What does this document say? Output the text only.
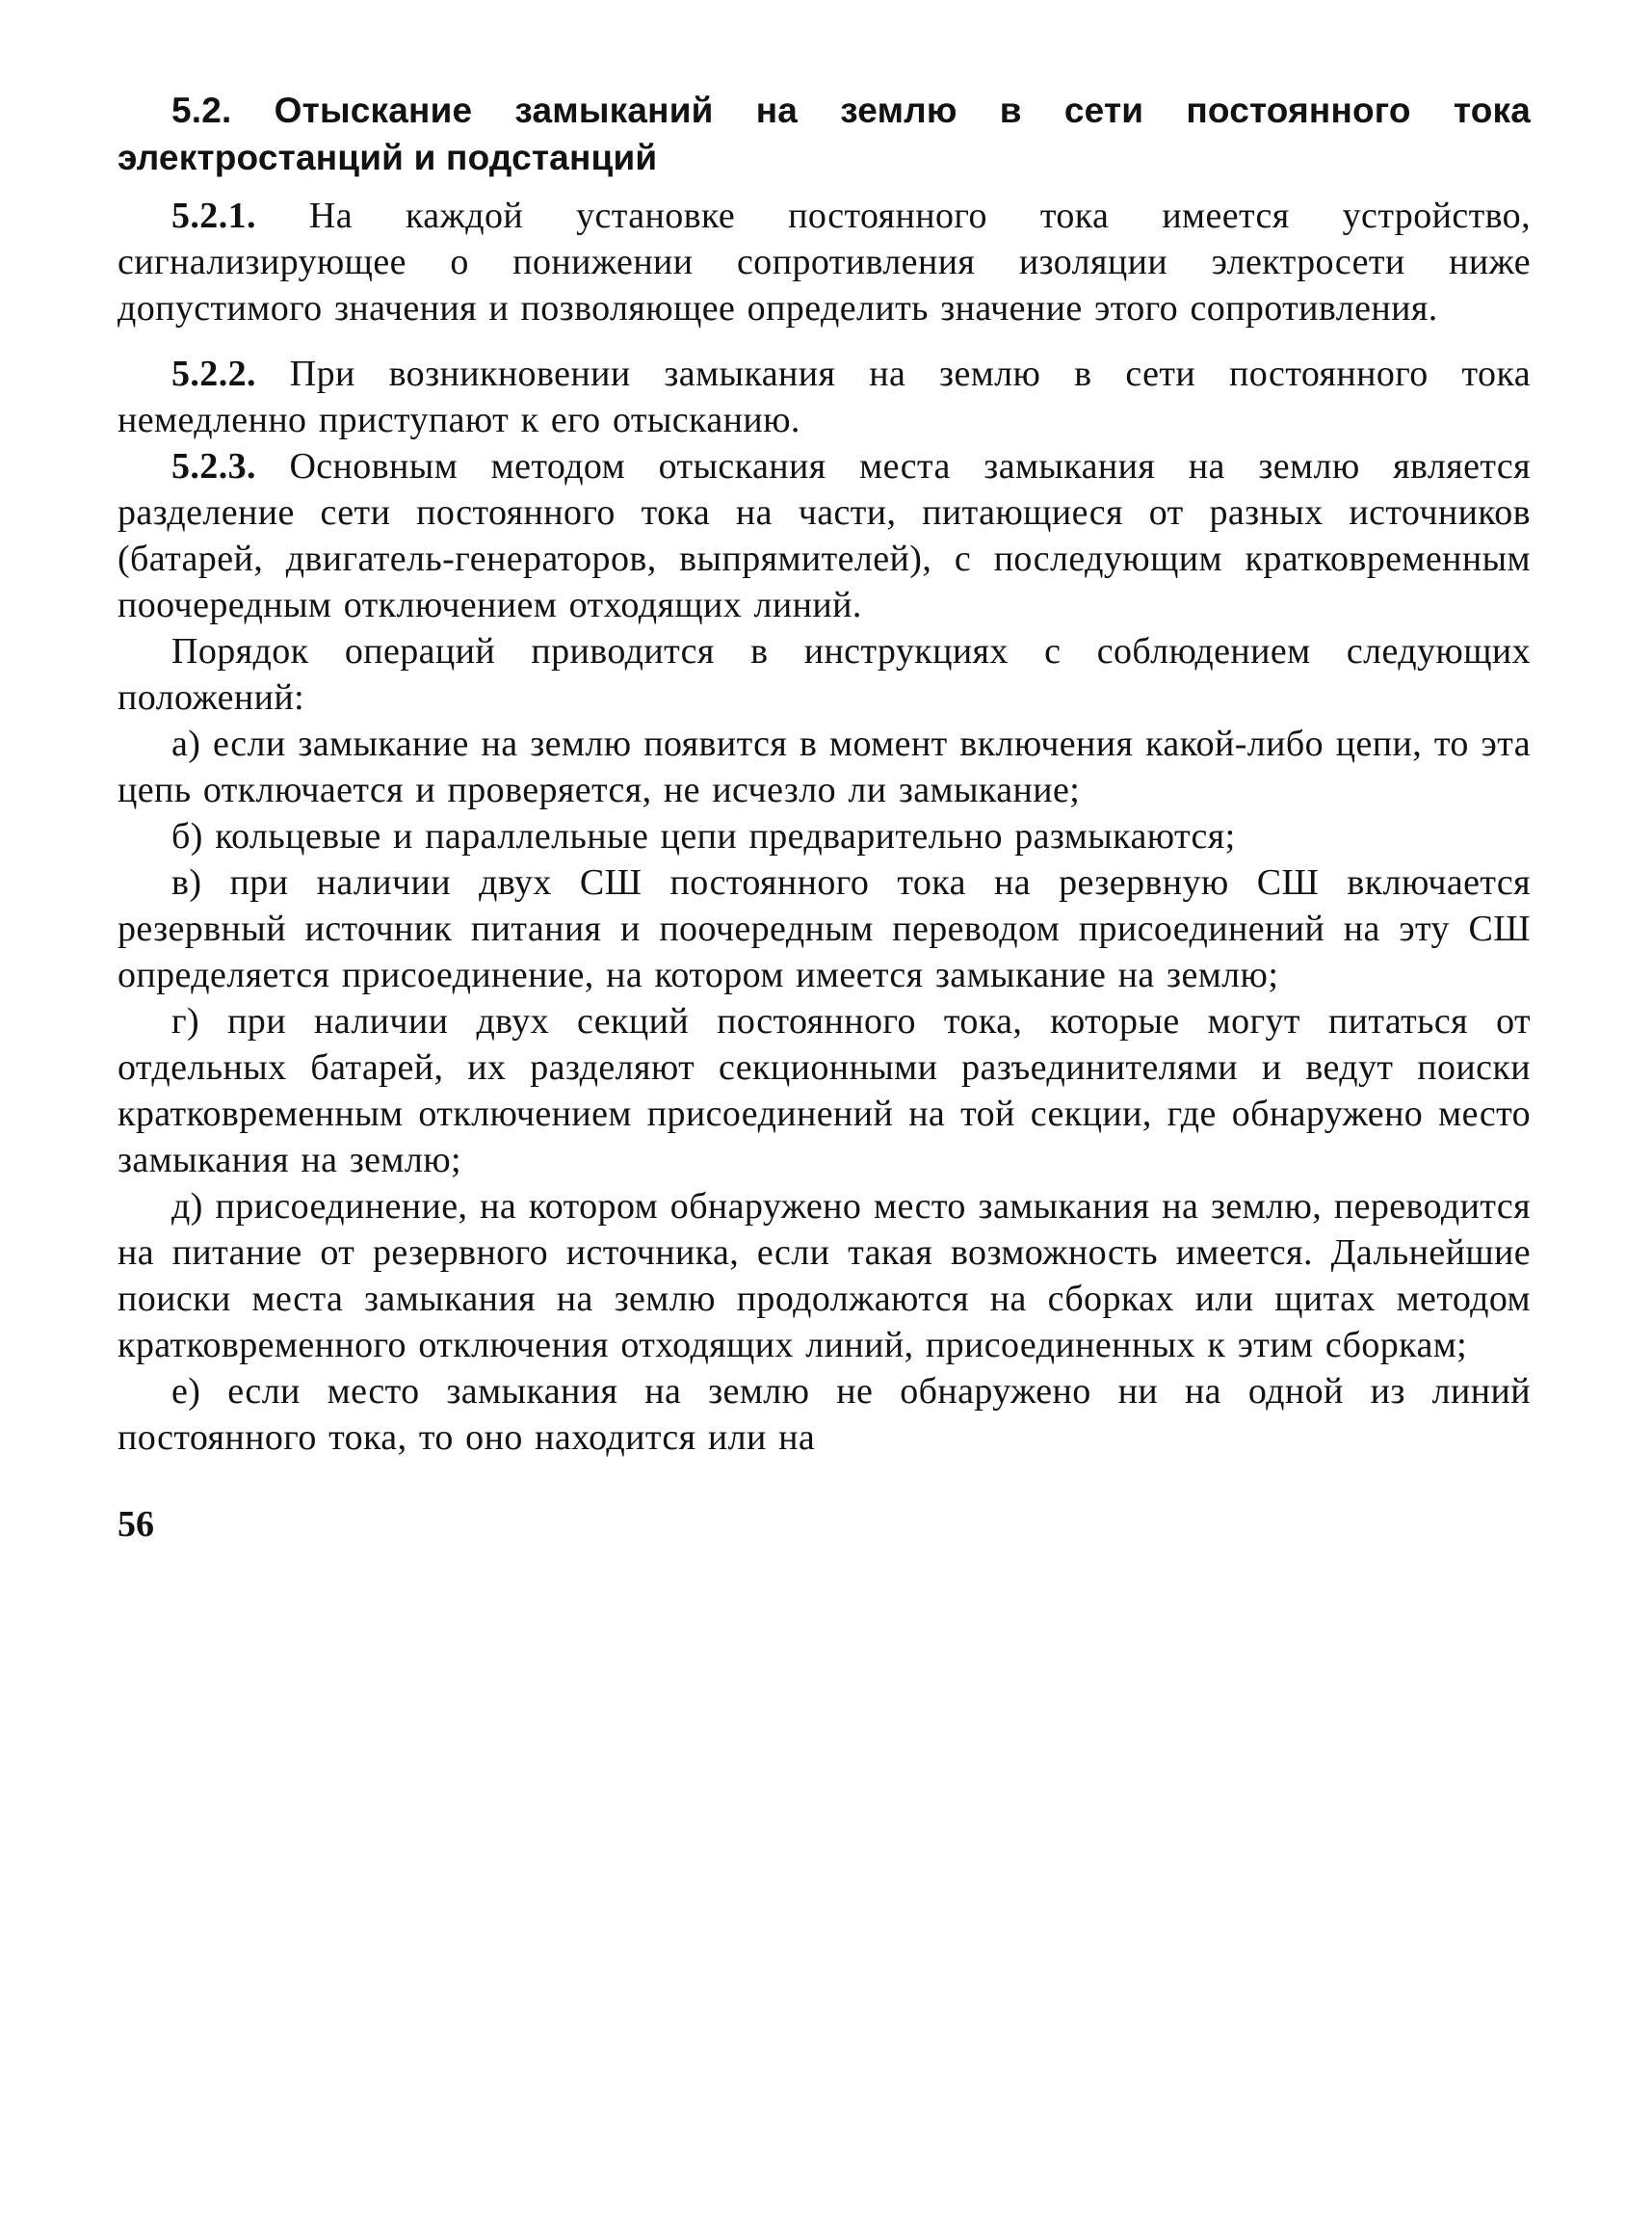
5.2. Отыскание замыканий на землю в сети постоянного тока электростанций и подстанций

5.2.1. На каждой установке постоянного тока имеется устройство, сигнализирующее о понижении сопротивления изоляции электросети ниже допустимого значения и позволяющее определить значение этого сопротивления.

5.2.2. При возникновении замыкания на землю в сети постоянного тока немедленно приступают к его отысканию.

5.2.3. Основным методом отыскания места замыкания на землю является разделение сети постоянного тока на части, питающиеся от разных источников (батарей, двигатель-генераторов, выпрямителей), с последующим кратковременным поочередным отключением отходящих линий.

Порядок операций приводится в инструкциях с соблюдением следующих положений:

а) если замыкание на землю появится в момент включения какой-либо цепи, то эта цепь отключается и проверяется, не исчезло ли замыкание;

б) кольцевые и параллельные цепи предварительно размыкаются;

в) при наличии двух СШ постоянного тока на резервную СШ включается резервный источник питания и поочередным переводом присоединений на эту СШ определяется присоединение, на котором имеется замыкание на землю;

г) при наличии двух секций постоянного тока, которые могут питаться от отдельных батарей, их разделяют секционными разъединителями и ведут поиски кратковременным отключением присоединений на той секции, где обнаружено место замыкания на землю;

д) присоединение, на котором обнаружено место замыкания на землю, переводится на питание от резервного источника, если такая возможность имеется. Дальнейшие поиски места замыкания на землю продолжаются на сборках или щитах методом кратковременного отключения отходящих линий, присоединенных к этим сборкам;

е) если место замыкания на землю не обнаружено ни на одной из линий постоянного тока, то оно находится или на

56
